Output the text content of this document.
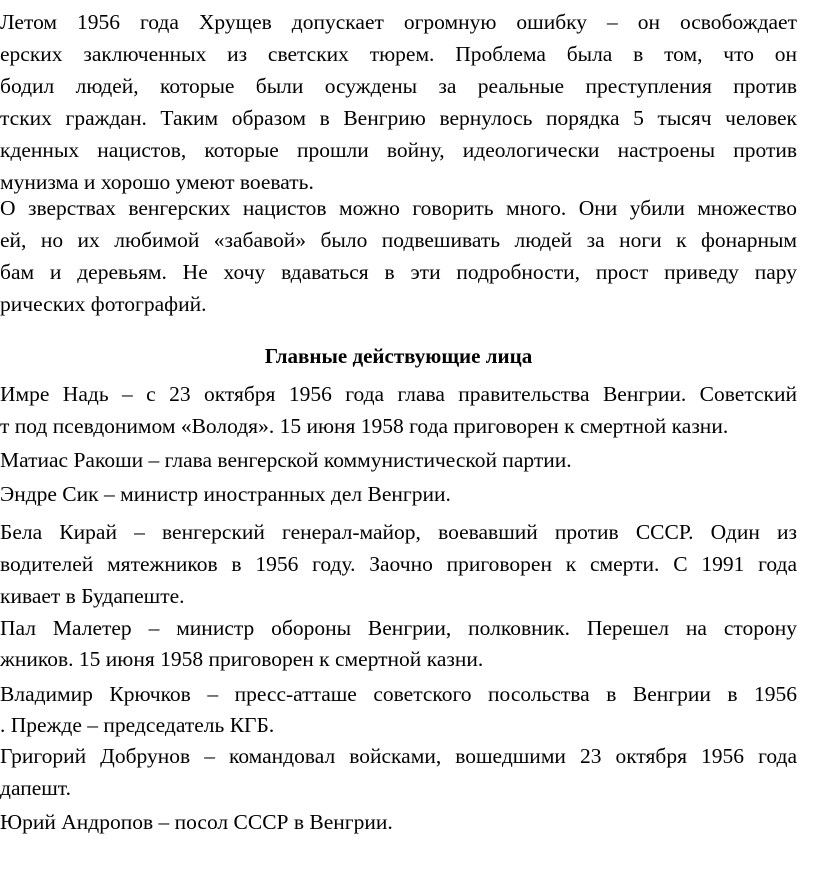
Летом 1956 года Хрущев допускает огромную ошибку – он освобождает
ерских заключенных из светских тюрем. Проблема была в том, что он
бодил людей, которые были осуждены за реальные преступления против
тских граждан. Таким образом в Венгрию вернулось порядка 5 тысяч человек
кденных нацистов, которые прошли войну, идеологически настроены против
мунизма и хорошо умеют воевать.
О зверствах венгерских нацистов можно говорить много. Они убили множество
ей, но их любимой «забавой» было подвешивать людей за ноги к фонарным
бам и деревьям. Не хочу вдаваться в эти подробности, прост приведу пару
рических фотографий.
Главные действующие лица
Имре Надь – с 23 октября 1956 года глава правительства Венгрии. Советский
т под псевдонимом «Володя». 15 июня 1958 года приговорен к смертной казни.
Матиас Ракоши – глава венгерской коммунистической партии.
Эндре Сик – министр иностранных дел Венгрии.
Бела Кирай – венгерский генерал-майор, воевавший против СССР. Один из
водителей мятежников в 1956 году. Заочно приговорен к смерти. С 1991 года
кивает в Будапеште.
Пал Малетер – министр обороны Венгрии, полковник. Перешел на сторону
жников. 15 июня 1958 приговорен к смертной казни.
Владимир Крючков – пресс-атташе советского посольства в Венгрии в 1956
. Прежде – председатель КГБ.
Григорий Добрунов – командовал войсками, вошедшими 23 октября 1956 года
дапешт.
Юрий Андропов – посол СССР в Венгрии.
